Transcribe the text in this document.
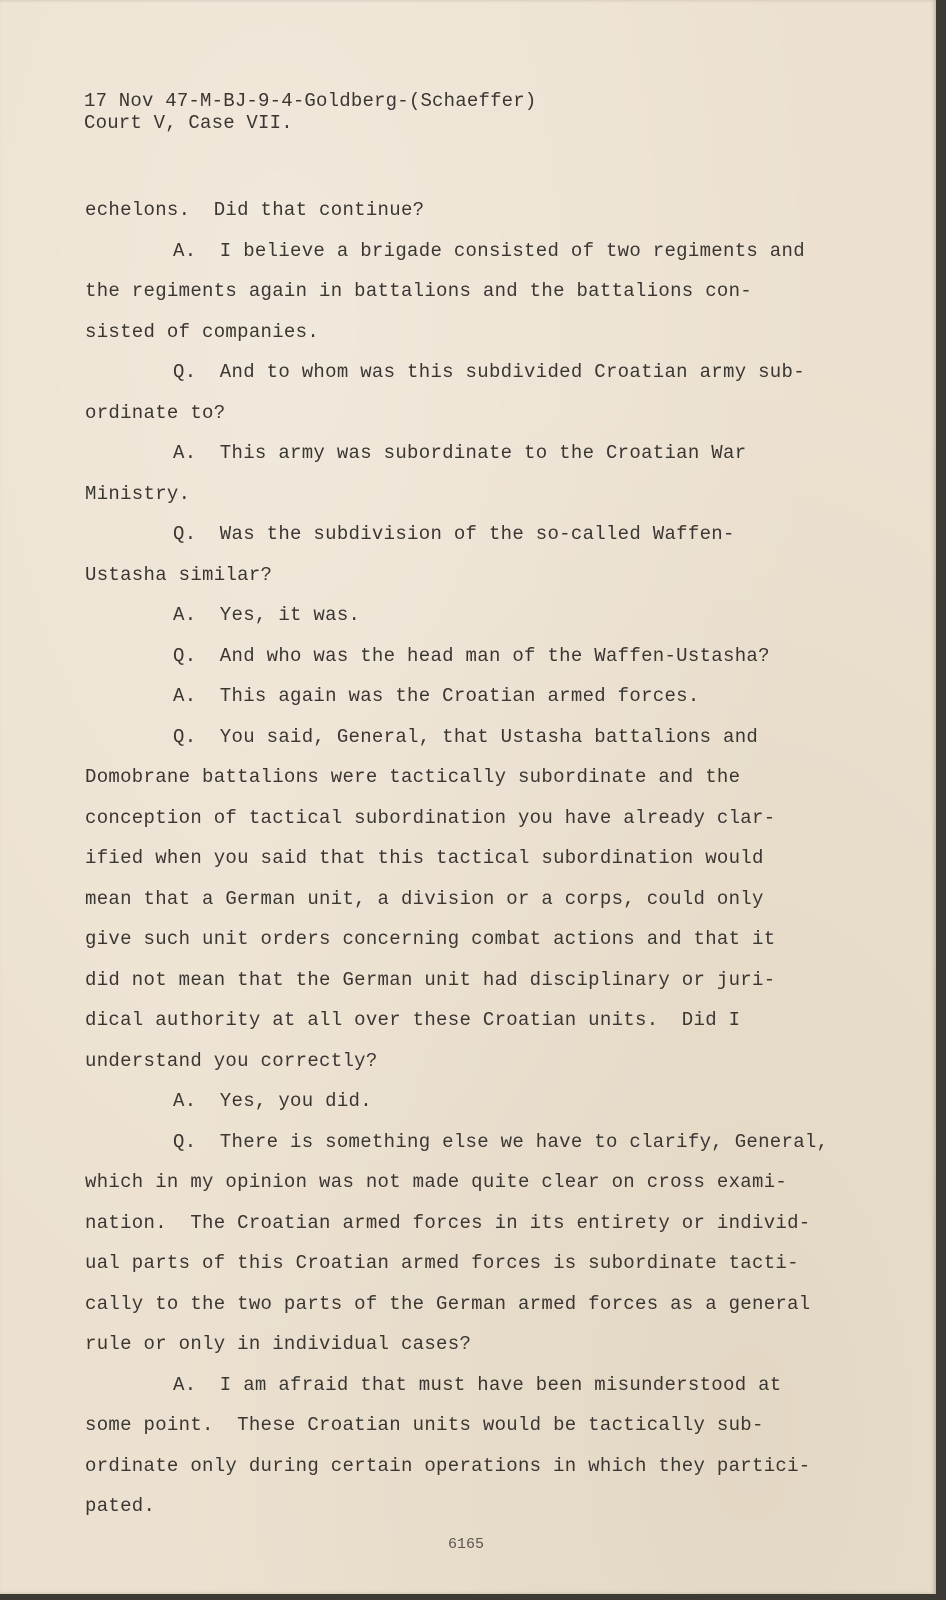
17 Nov 47-M-BJ-9-4-Goldberg-(Schaeffer)
Court V, Case VII.
echelons.  Did that continue?
A.  I believe a brigade consisted of two regiments and
the regiments again in battalions and the battalions con-
sisted of companies.
Q.  And to whom was this subdivided Croatian army sub-
ordinate to?
A.  This army was subordinate to the Croatian War
Ministry.
Q.  Was the subdivision of the so-called Waffen-
Ustasha similar?
A.  Yes, it was.
Q.  And who was the head man of the Waffen-Ustasha?
A.  This again was the Croatian armed forces.
Q.  You said, General, that Ustasha battalions and
Domobrane battalions were tactically subordinate and the
conception of tactical subordination you have already clar-
ified when you said that this tactical subordination would
mean that a German unit, a division or a corps, could only
give such unit orders concerning combat actions and that it
did not mean that the German unit had disciplinary or juri-
dical authority at all over these Croatian units.  Did I
understand you correctly?
A.  Yes, you did.
Q.  There is something else we have to clarify, General,
which in my opinion was not made quite clear on cross exami-
nation.  The Croatian armed forces in its entirety or individ-
ual parts of this Croatian armed forces is subordinate tacti-
cally to the two parts of the German armed forces as a general
rule or only in individual cases?
A.  I am afraid that must have been misunderstood at
some point.  These Croatian units would be tactically sub-
ordinate only during certain operations in which they partici-
pated.
6165
